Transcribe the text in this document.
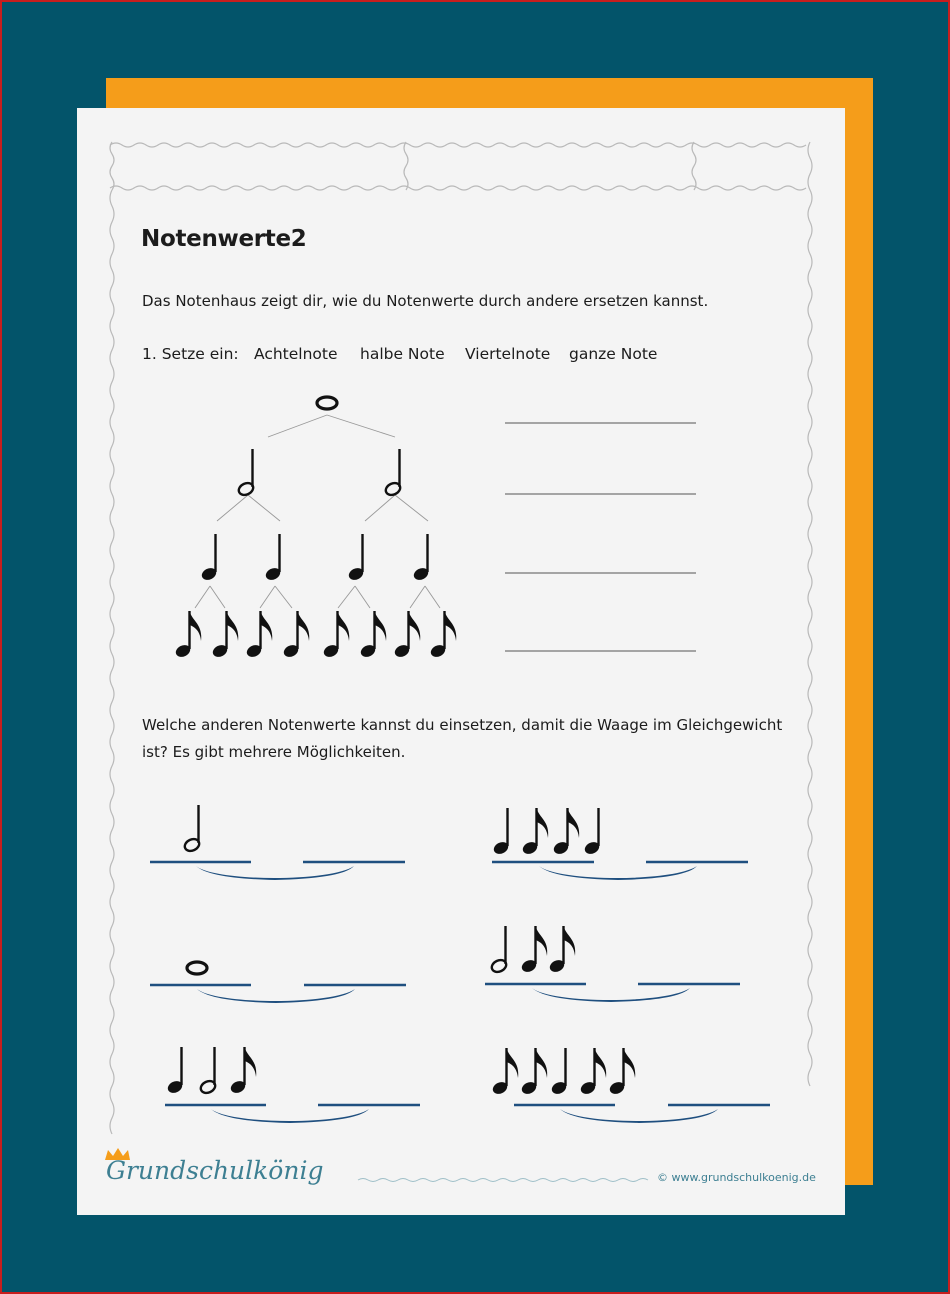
Notenwerte2
Das Notenhaus zeigt dir, wie du Notenwerte durch andere ersetzen kannst.
1. Setze ein: Achtelnote halbe Note Viertelnote ganze Note
Welche anderen Notenwerte kannst du einsetzen, damit die Waage im Gleichgewicht
ist? Es gibt mehrere Möglichkeiten.
Grundschulkönig	© www.grundschulkoenig.de
